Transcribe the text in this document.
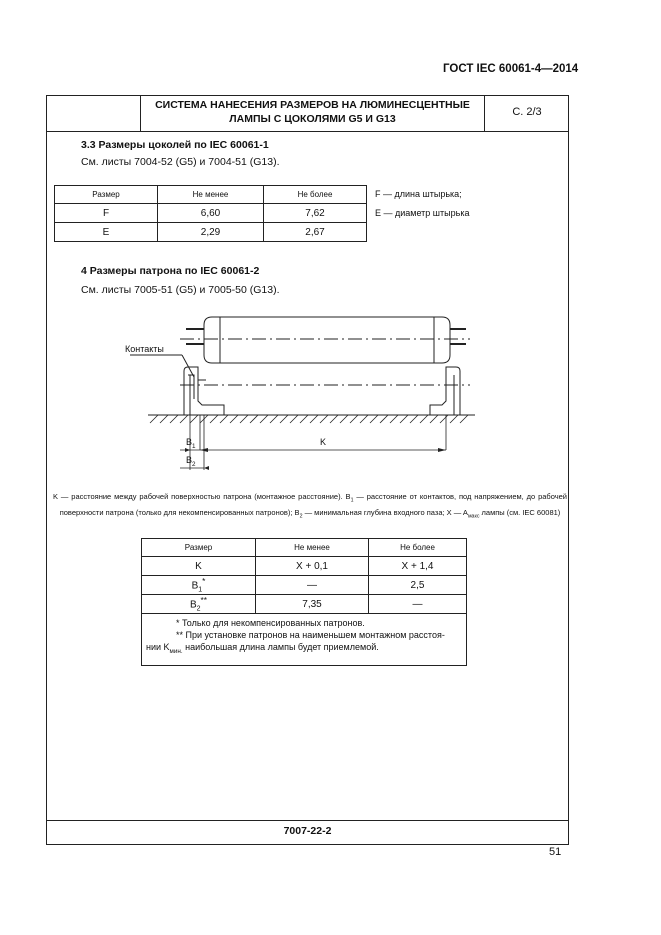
ГОСТ IEC 60061-4—2014
СИСТЕМА НАНЕСЕНИЯ РАЗМЕРОВ НА ЛЮМИНЕСЦЕНТНЫЕ
ЛАМПЫ С ЦОКОЛЯМИ G5 И G13
С. 2/3
3.3 Размеры цоколей по IEC 60061-1
См. листы 7004-52 (G5) и 7004-51 (G13).
Размер	Не менее	Не более
F	6,60	7,62
E	2,29	2,67
F — длина штырька;
E — диаметр штырька
4 Размеры патрона по IEC 60061-2
См. листы 7005-51 (G5) и 7005-50 (G13).
Контакты
K
$B_1$
$B_2$
K — расстояние между рабочей поверхностью патрона (монтажное расстояние). $B_1$ — расстояние от контактов, под напряжением, до рабочей поверхности патрона (только для некомпенсированных патронов); $B_2$ — минимальная глубина входного паза; X — $A_{макс}$ лампы (см. IEC 60081)
Размер	Не менее	Не более
K	X + 0,1	X + 1,4
$B_1^*$	—	2,5
$B_2^{**}$	7,35	—

* Только для некомпенсированных патронов.
** При установке патронов на наименьшем монтажном расстоя-
нии $K_{мин.}$ наибольшая длина лампы будет приемлемой.		
7007-22-2
51
